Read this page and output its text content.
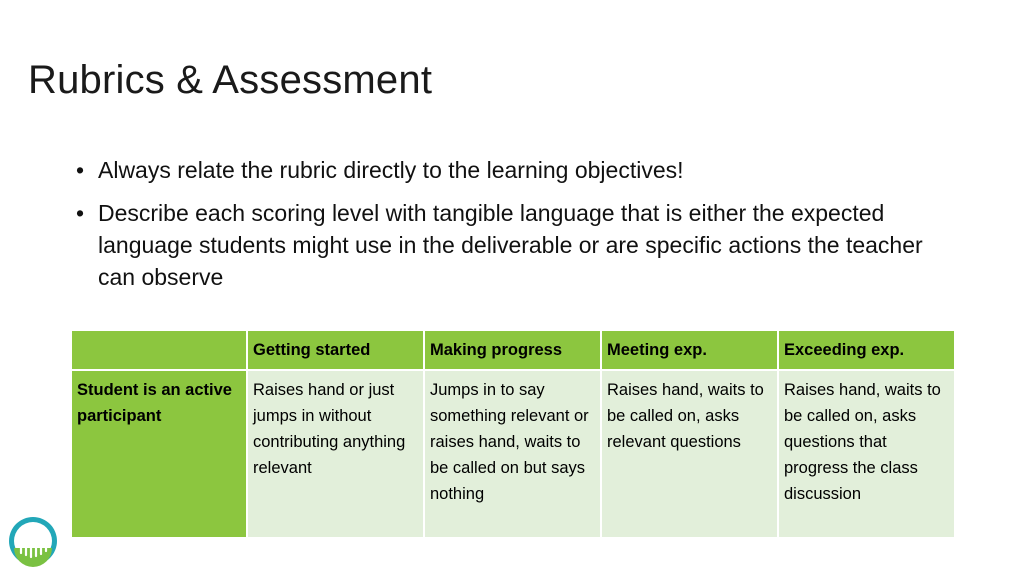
Rubrics & Assessment
• Always relate the rubric directly to the learning objectives!
• Describe each scoring level with tangible language that is either the expected language students might use in the deliverable or are specific actions the teacher can observe
	Getting started	Making progress	Meeting exp.	Exceeding exp.
Student is an active participant	Raises hand or just jumps in without contributing anything relevant	Jumps in to say something relevant or raises hand, waits to be called on but says nothing	Raises hand, waits to be called on, asks relevant questions	Raises hand, waits to be called on, asks questions that progress the class discussion
